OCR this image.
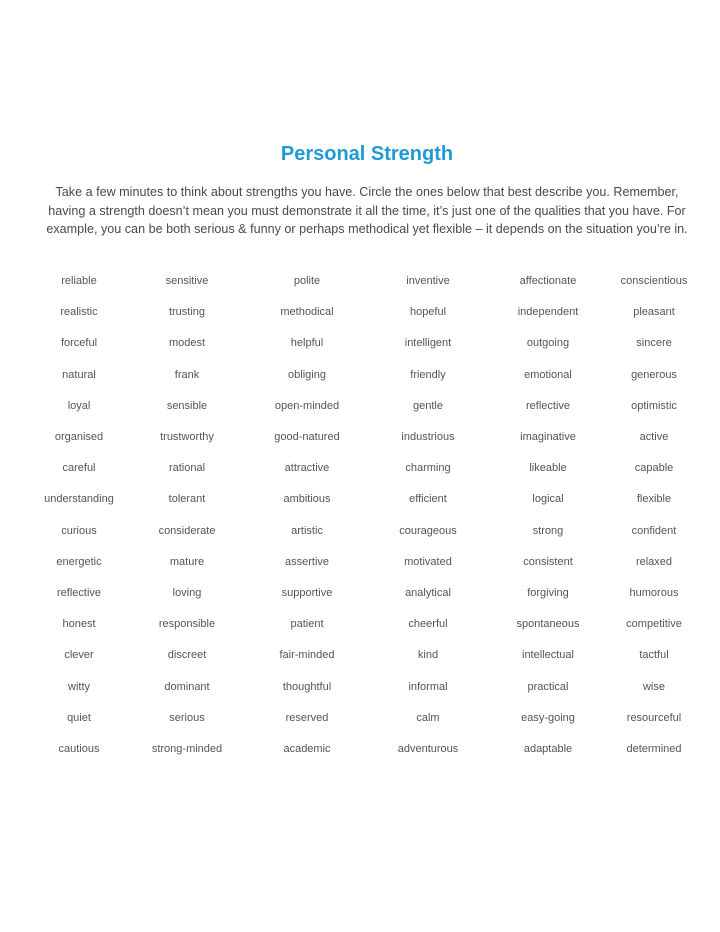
Personal Strength
Take a few minutes to think about strengths you have. Circle the ones below that best describe you. Remember,
having a strength doesn’t mean you must demonstrate it all the time, it’s just one of the qualities that you have. For
example, you can be both serious & funny or perhaps methodical yet flexible – it depends on the situation you’re in.
reliable	sensitive	polite	inventive	affectionate	conscientious
realistic	trusting	methodical	hopeful	independent	pleasant
forceful	modest	helpful	intelligent	outgoing	sincere
natural	frank	obliging	friendly	emotional	generous
loyal	sensible	open-minded	gentle	reflective	optimistic
organised	trustworthy	good-natured	industrious	imaginative	active
careful	rational	attractive	charming	likeable	capable
understanding	tolerant	ambitious	efficient	logical	flexible
curious	considerate	artistic	courageous	strong	confident
energetic	mature	assertive	motivated	consistent	relaxed
reflective	loving	supportive	analytical	forgiving	humorous
honest	responsible	patient	cheerful	spontaneous	competitive
clever	discreet	fair-minded	kind	intellectual	tactful
witty	dominant	thoughtful	informal	practical	wise
quiet	serious	reserved	calm	easy-going	resourceful
cautious	strong-minded	academic	adventurous	adaptable	determined
